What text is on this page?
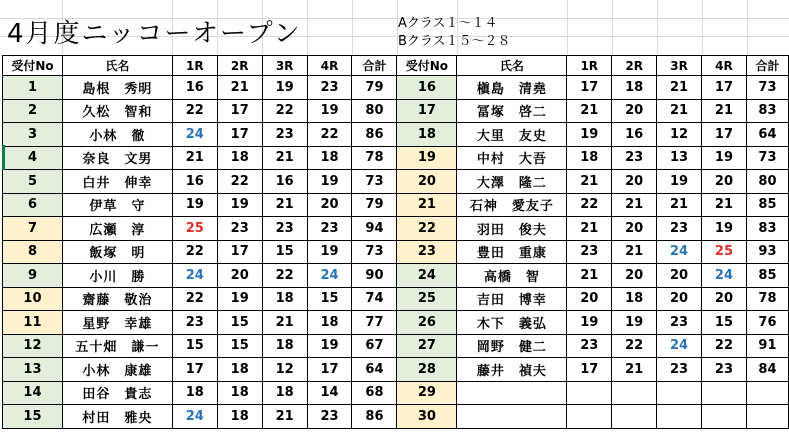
4月度ニッコーオープン	Aクラス１～１４
Bクラス１５～２８
受付No	氏名	1R	2R	3R	4R	合計	受付No	氏名	1R	2R	3R	4R	合計
1	島根　秀明	16	21	19	23	79	16	槇島　清堯	17	18	21	17	73
2	久松　智和	22	17	22	19	80	17	冨塚　啓二	21	20	21	21	83
3	小林　徹	24	17	23	22	86	18	大里　友史	19	16	12	17	64
4	奈良　文男	21	18	21	18	78	19	中村　大吾	18	23	13	19	73
5	白井　伸幸	16	22	16	19	73	20	大澤　隆二	21	20	19	20	80
6	伊草　守	19	19	21	20	79	21	石神　愛友子	22	21	21	21	85
7	広瀬　淳	25	23	23	23	94	22	羽田　俊夫	21	20	23	19	83
8	飯塚　明	22	17	15	19	73	23	豊田　重康	23	21	24	25	93
9	小川　勝	24	20	22	24	90	24	高橋　智	21	20	20	24	85
10	齋藤　敬治	22	19	18	15	74	25	吉田　博幸	20	18	20	20	78
11	星野　幸雄	23	15	21	18	77	26	木下　義弘	19	19	23	15	76
12	五十畑　謙一	15	15	18	19	67	27	岡野　健二	23	22	24	22	91
13	小林　康雄	17	18	12	17	64	28	藤井　禎夫	17	21	23	23	84
14	田谷　貴志	18	18	18	14	68	29						
15	村田　雅央	24	18	21	23	86	30						
